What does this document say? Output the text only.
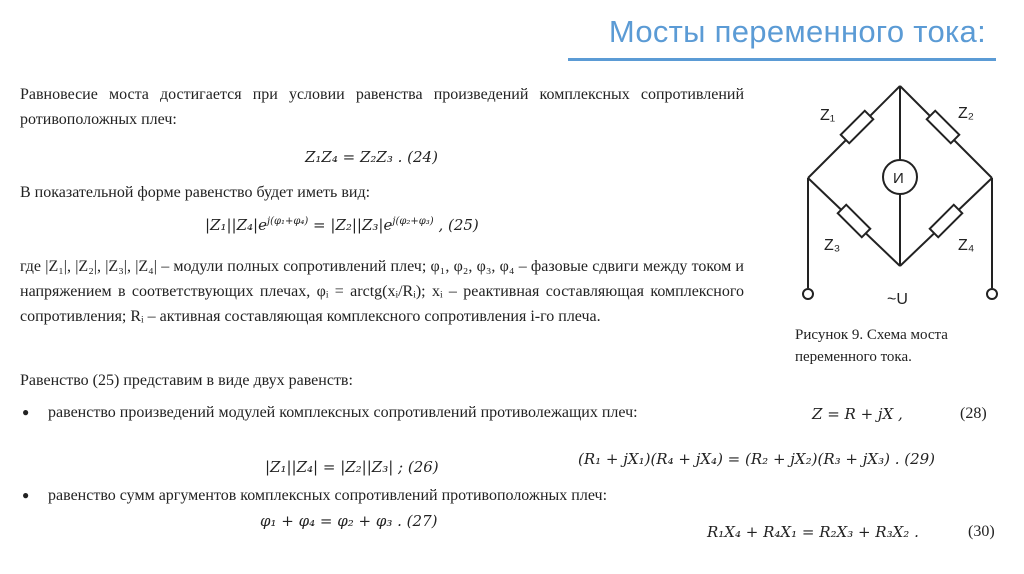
Мосты переменного тока:
Равновесие моста достигается при условии равенства произведений комплексных сопротивлений ротивоположных плеч:
Z₁Z₄ = Z₂Z₃ . (24)
В показательной форме равенство будет иметь вид:
$|Z_1||Z_4|e^{j(\varphi_1+\varphi_4)} = |Z_2||Z_3|e^{j(\varphi_2+\varphi_3)}$ , (25)
где |Z₁|, |Z₂|, |Z₃|, |Z₄| – модули полных сопротивлений плеч; φ₁, φ₂, φ₃, φ₄ – фазовые сдвиги между током и напряжением в соответствующих плечах, φᵢ = arctg(xᵢ/Rᵢ); xᵢ – реактивная составляющая комплексного сопротивления; Rᵢ – активная составляющая комплексного сопротивления i-го плеча.
Равенство (25) представим в виде двух равенств:
● равенство произведений модулей комплексных сопротивлений противолежащих плеч:
|Z₁||Z₄| = |Z₂||Z₃| ; (26)
● равенство сумм аргументов комплексных сопротивлений противоположных плеч:
φ₁ + φ₄ = φ₂ + φ₃ . (27)
Z₁	Z₂
Z₃	Z₄
И
~U
Рисунок 9. Схема моста переменного тока.
Z = R + jX ,	(28)
(R₁ + jX₁)(R₄ + jX₄) = (R₂ + jX₂)(R₃ + jX₃) . (29)
R₁X₄ + R₄X₁ = R₂X₃ + R₃X₂ .	(30)
